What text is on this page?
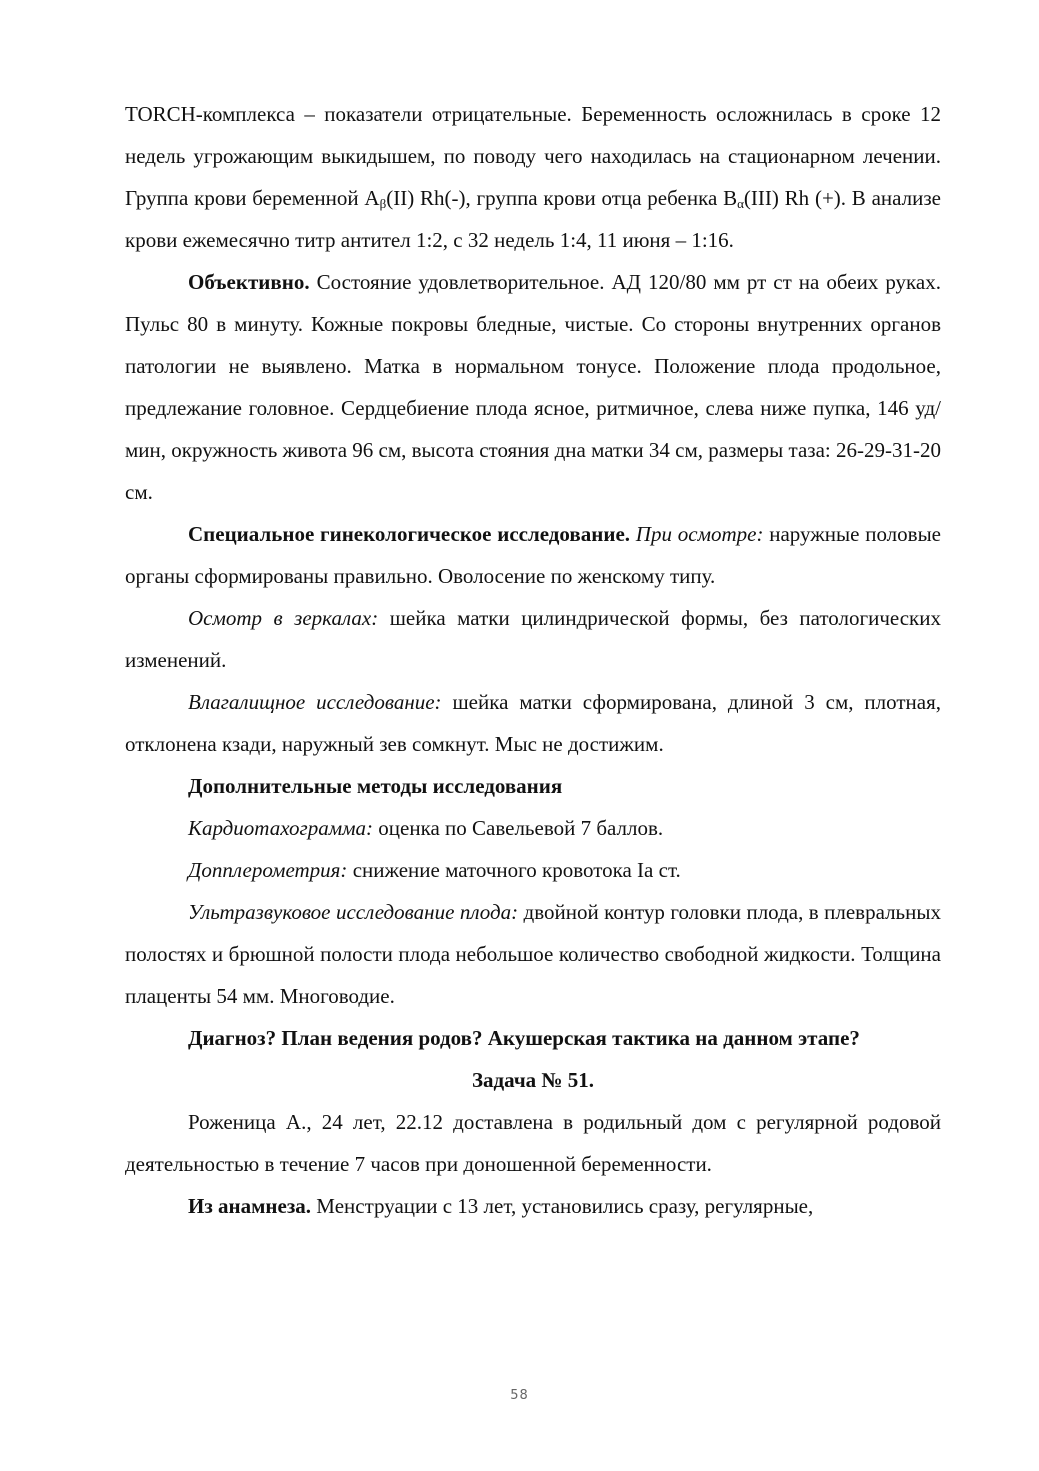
TORCH-комплекса – показатели отрицательные. Беременность осложнилась в сроке 12 недель угрожающим выкидышем, по поводу чего находилась на стационарном лечении. Группа крови беременной $A_\beta(II)$ Rh(-), группа крови отца ребенка $B_\alpha(III)$ Rh (+). В анализе крови ежемесячно титр антител 1:2, с 32 недель 1:4, 11 июня – 1:16.

Объективно. Состояние удовлетворительное. АД 120/80 мм рт ст на обеих руках. Пульс 80 в минуту. Кожные покровы бледные, чистые. Со стороны внутренних органов патологии не выявлено. Матка в нормальном тонусе. Положение плода продольное, предлежание головное. Сердцебиение плода ясное, ритмичное, слева ниже пупка, 146 уд/мин, окружность живота 96 см, высота стояния дна матки 34 см, размеры таза: 26-29-31-20 см.

Специальное гинекологическое исследование. При осмотре: наружные половые органы сформированы правильно. Оволосение по женскому типу.

Осмотр в зеркалах: шейка матки цилиндрической формы, без патологических изменений.

Влагалищное исследование: шейка матки сформирована, длиной 3 см, плотная, отклонена кзади, наружный зев сомкнут. Мыс не достижим.

Дополнительные методы исследования

Кардиотахограмма: оценка по Савельевой 7 баллов.

Допплерометрия: снижение маточного кровотока Ia ст.

Ультразвуковое исследование плода: двойной контур головки плода, в плевральных полостях и брюшной полости плода небольшое количество свободной жидкости. Толщина плаценты 54 мм. Многоводие.

Диагноз? План ведения родов? Акушерская тактика на данном этапе?

Задача № 51.

Роженица А., 24 лет, 22.12 доставлена в родильный дом с регулярной родовой деятельностью в течение 7 часов при доношенной беременности.

Из анамнеза. Менструации с 13 лет, установились сразу, регулярные,

58
